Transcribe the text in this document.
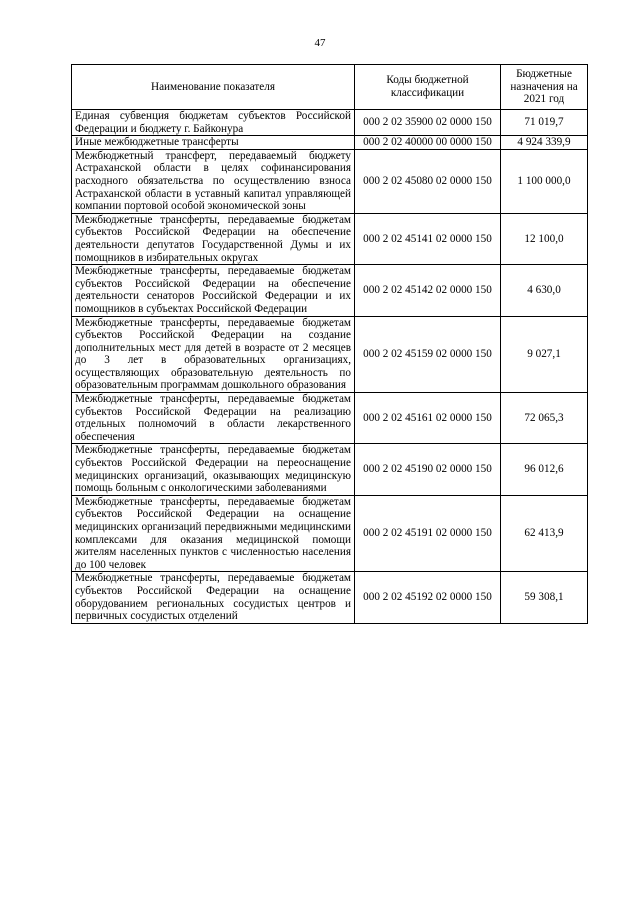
47
Наименование показателя	Коды бюджетной классификации	Бюджетные назначения на 2021 год
Единая субвенция бюджетам субъектов Российской Федерации и бюджету г. Байконура	000 2 02 35900 02 0000 150	71 019,7
Иные межбюджетные трансферты	000 2 02 40000 00 0000 150	4 924 339,9
Межбюджетный трансферт, передаваемый бюджету Астраханской области в целях софинансирования расходного обязательства по осуществлению взноса Астраханской области в уставный капитал управляющей компании портовой особой экономической зоны	000 2 02 45080 02 0000 150	1 100 000,0
Межбюджетные трансферты, передаваемые бюджетам субъектов Российской Федерации на обеспечение деятельности депутатов Государственной Думы и их помощников в избирательных округах	000 2 02 45141 02 0000 150	12 100,0
Межбюджетные трансферты, передаваемые бюджетам субъектов Российской Федерации на обеспечение деятельности сенаторов Российской Федерации и их помощников в субъектах Российской Федерации	000 2 02 45142 02 0000 150	4 630,0
Межбюджетные трансферты, передаваемые бюджетам субъектов Российской Федерации на создание дополнительных мест для детей в возрасте от 2 месяцев до 3 лет в образовательных организациях, осуществляющих образовательную деятельность по образовательным программам дошкольного образования	000 2 02 45159 02 0000 150	9 027,1
Межбюджетные трансферты, передаваемые бюджетам субъектов Российской Федерации на реализацию отдельных полномочий в области лекарственного обеспечения	000 2 02 45161 02 0000 150	72 065,3
Межбюджетные трансферты, передаваемые бюджетам субъектов Российской Федерации на переоснащение медицинских организаций, оказывающих медицинскую помощь больным с онкологическими заболеваниями	000 2 02 45190 02 0000 150	96 012,6
Межбюджетные трансферты, передаваемые бюджетам субъектов Российской Федерации на оснащение медицинских организаций передвижными медицинскими комплексами для оказания медицинской помощи жителям населенных пунктов с численностью населения до 100 человек	000 2 02 45191 02 0000 150	62 413,9
Межбюджетные трансферты, передаваемые бюджетам субъектов Российской Федерации на оснащение оборудованием региональных сосудистых центров и первичных сосудистых отделений	000 2 02 45192 02 0000 150	59 308,1
